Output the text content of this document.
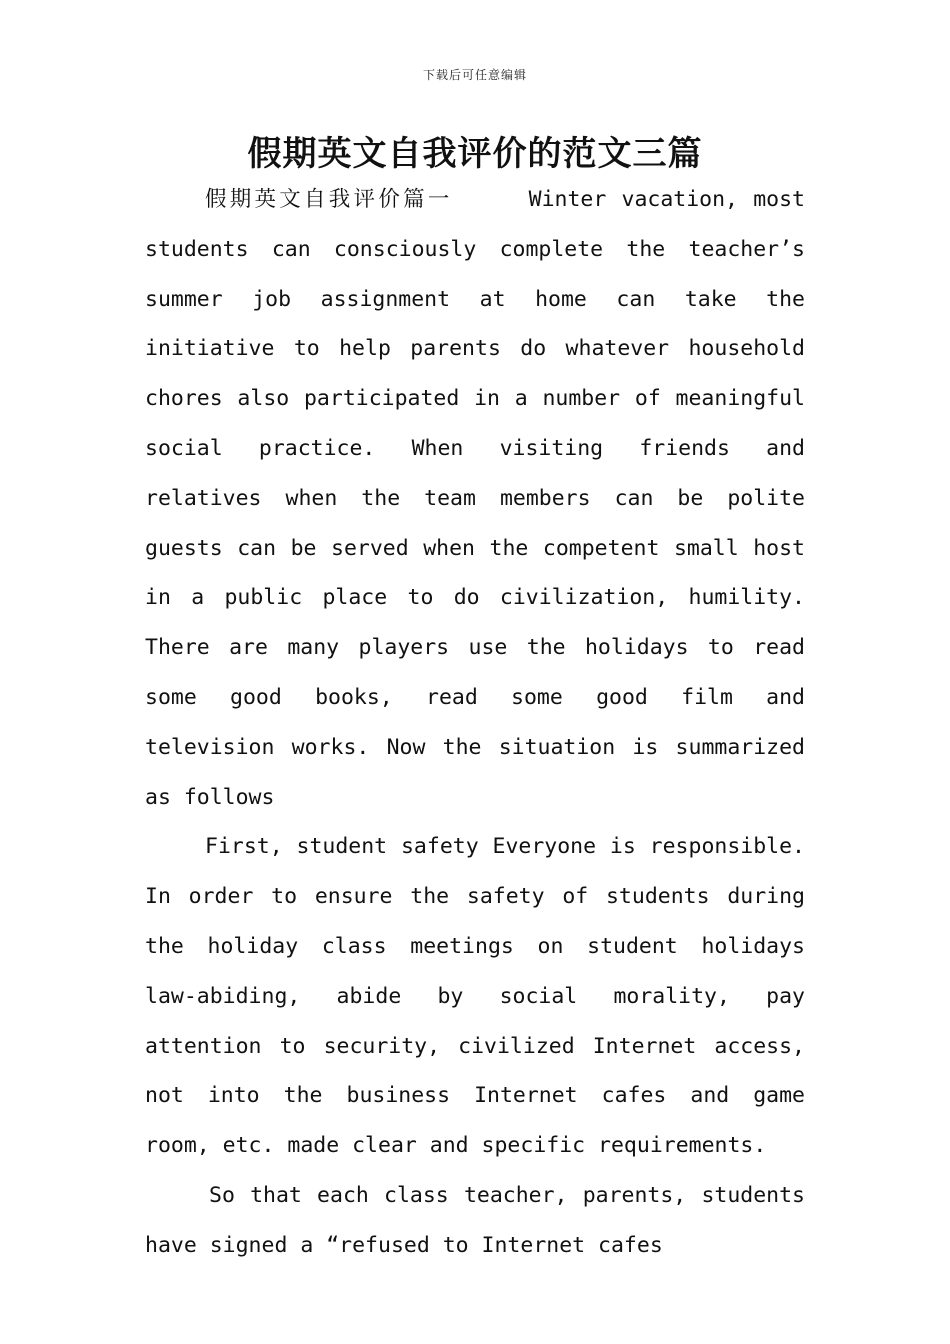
下载后可任意编辑
假期英文自我评价的范文三篇

假期英文自我评价篇一	Winter vacation, most students can consciously complete the teacher’s summer job assignment at home can take the initiative to help parents do whatever household chores also participated in a number of meaningful social practice. When visiting friends and relatives when the team members can be polite guests can be served when the competent small host in a public place to do civilization, humility. There are many players use the holidays to read some good books, read some good film and television works. Now the situation is summarized as follows

First, student safety Everyone is responsible. In order to ensure the safety of students during the holiday class meetings on student holidays law-abiding, abide by social morality, pay attention to security, civilized Internet access, not into the business Internet cafes and game room, etc. made clear and specific requirements.

So that each class teacher, parents, students have signed a “refused to Internet cafes
